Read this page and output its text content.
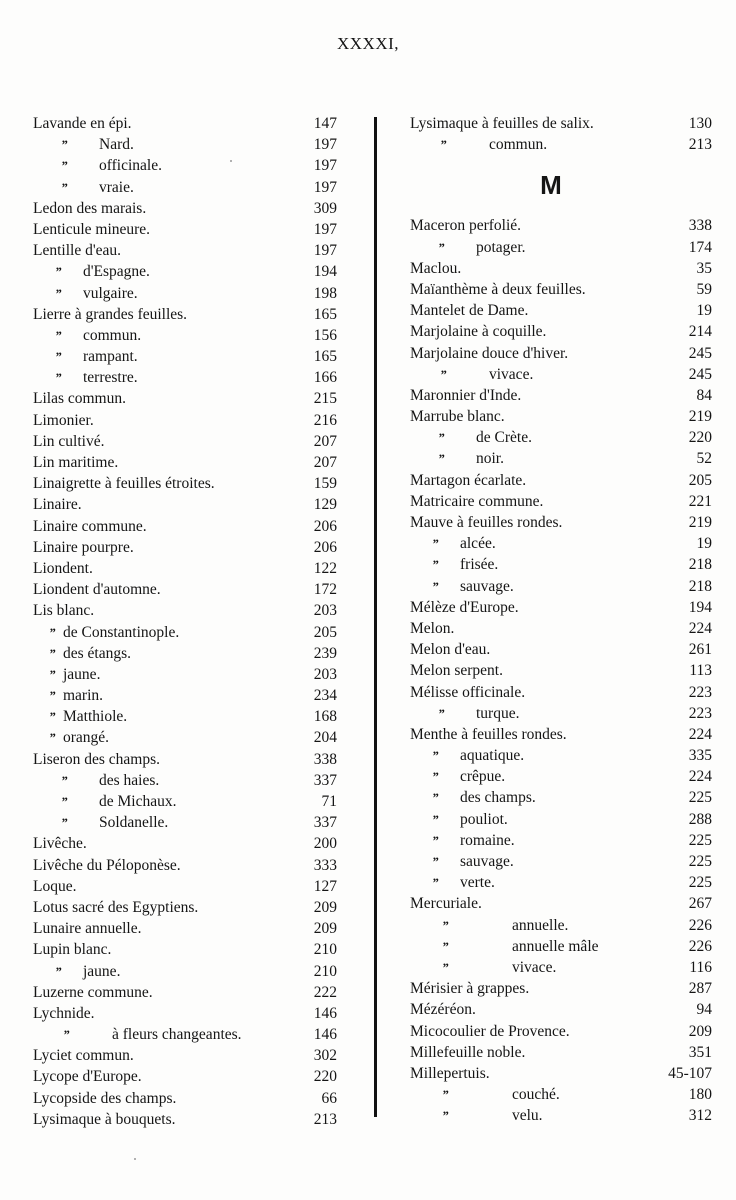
XXXXI,
Lavande en épi.	147
” Nard.	197
” officinale.	197
” vraie.	197
Ledon des marais.	309
Lenticule mineure.	197
Lentille d'eau.	197
” d'Espagne.	194
” vulgaire.	198
Lierre à grandes feuilles.	165
” commun.	156
” rampant.	165
” terrestre.	166
Lilas commun.	215
Limonier.	216
Lin cultivé.	207
Lin maritime.	207
Linaigrette à feuilles étroites.	159
Linaire.	129
Linaire commune.	206
Linaire pourpre.	206
Liondent.	122
Liondent d'automne.	172
Lis blanc.	203
” de Constantinople.	205
” des étangs.	239
” jaune.	203
” marin.	234
” Matthiole.	168
” orangé.	204
Liseron des champs.	338
” des haies.	337
” de Michaux.	71
” Soldanelle.	337
Livêche.	200
Livêche du Péloponèse.	333
Loque.	127
Lotus sacré des Egyptiens.	209
Lunaire annuelle.	209
Lupin blanc.	210
” jaune.	210
Luzerne commune.	222
Lychnide.	146
”	à fleurs changeantes.	146
Lyciet commun.	302
Lycope d'Europe.	220
Lycopside des champs.	66
Lysimaque à bouquets.	213
Lysimaque à feuilles de salix.	130
”	commun.	213
M
Maceron perfolié.	338
” potager.	174
Maclou.	35
Maïanthème à deux feuilles.	59
Mantelet de Dame.	19
Marjolaine à coquille.	214
Marjolaine douce d'hiver.	245
”	vivace.	245
Maronnier d'Inde.	84
Marrube blanc.	219
” de Crète.	220
” noir.	52
Martagon écarlate.	205
Matricaire commune.	221
Mauve à feuilles rondes.	219
” alcée.	19
” frisée.	218
” sauvage.	218
Mélèze d'Europe.	194
Melon.	224
Melon d'eau.	261
Melon serpent.	113
Mélisse officinale.	223
” turque.	223
Menthe à feuilles rondes.	224
” aquatique.	335
” crêpue.	224
” des champs.	225
” pouliot.	288
” romaine.	225
” sauvage.	225
” verte.	225
Mercuriale.	267
”	annuelle.	226
”	annuelle mâle	226
”	vivace.	116
Mérisier à grappes.	287
Mézéréon.	94
Micocoulier de Provence.	209
Millefeuille noble.	351
Millepertuis.	45-107
”	couché.	180
”	velu.	312
